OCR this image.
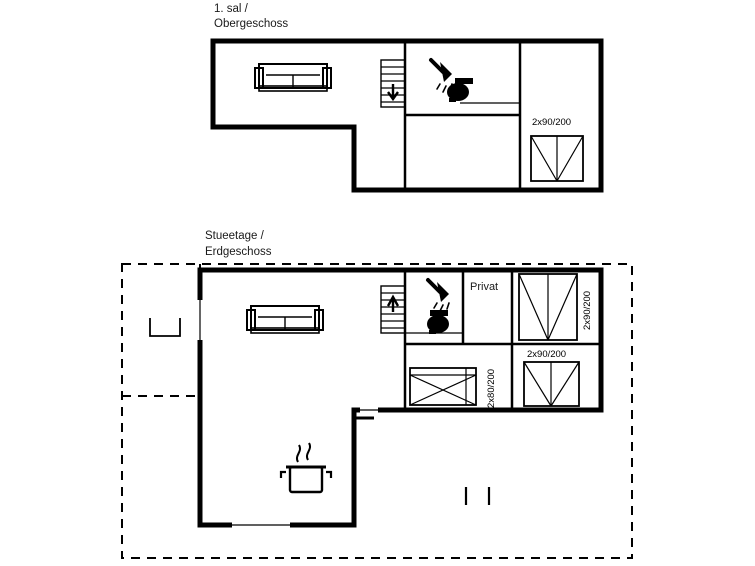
1. sal /
Obergeschoss
Stueetage /
Erdgeschoss
2x90/200
Privat
2x90/200
2x90/200
2x80/200
